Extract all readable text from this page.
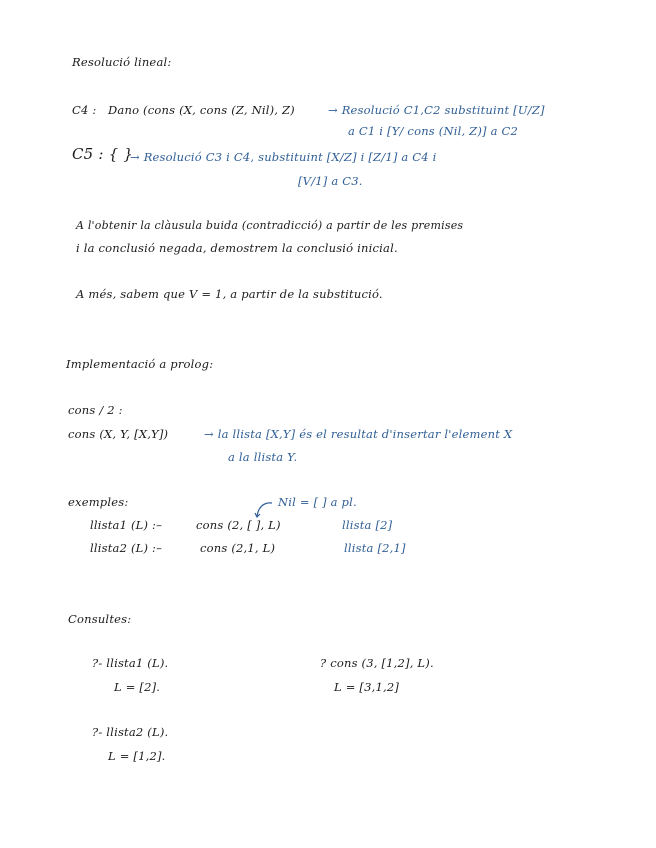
Resolució lineal:
C4 : Dano (cons (X, cons (Z, Nil), Z)	→ Resolució C1,C2 substituint [U/Z]
a C1 i [Y/ cons (Nil, Z)] a C2
C5 : { }
→ Resolució C3 i C4, substituint [X/Z] i [Z/1] a C4 i
[V/1] a C3.
A l'obtenir la clàusula buida (contradicció) a partir de les premises
i la conclusió negada, demostrem la conclusió inicial.
A més, sabem que V = 1, a partir de la substitució.
Implementació a prolog:
cons / 2 :
cons (X, Y, [X,Y])	→ la llista [X,Y] és el resultat d'insertar l'element X
a la llista Y.
exemples:	Nil = [ ] a pl.
llista1 (L) :–	cons (2, [ ], L)	llista [2]
llista2 (L) :–	cons (2,1, L)	llista [2,1]
Consultes:
?- llista1 (L).
L = [2].
? cons (3, [1,2], L).
L = [3,1,2]
?- llista2 (L).
L = [1,2].
